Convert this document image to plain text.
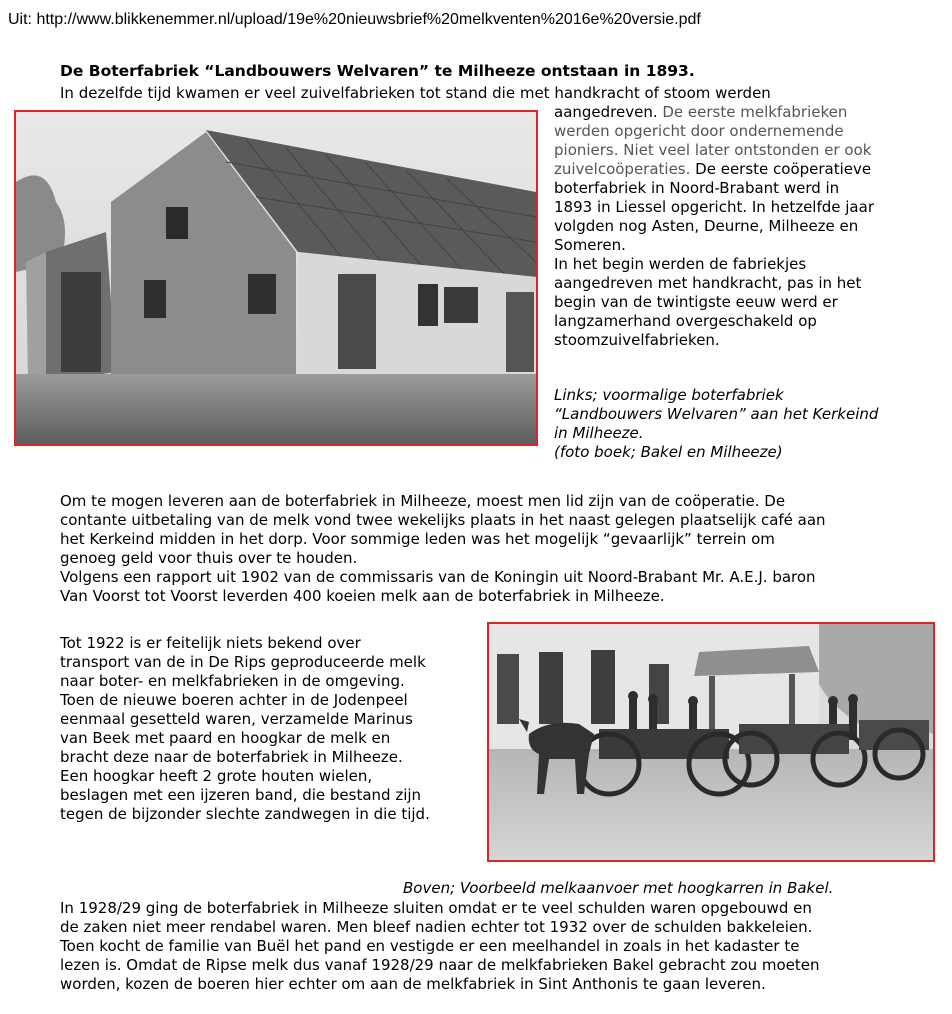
Uit: http://www.blikkenemmer.nl/upload/19e%20nieuwsbrief%20melkventen%2016e%20versie.pdf
De Boterfabriek “Landbouwers Welvaren” te Milheeze ontstaan in 1893.
In dezelfde tijd kwamen er veel zuivelfabrieken tot stand die met handkracht of stoom werden
aangedreven. De eerste melkfabrieken
werden opgericht door ondernemende
pioniers. Niet veel later ontstonden er ook
zuivelcoöperaties. De eerste coöperatieve
boterfabriek in Noord-Brabant werd in
1893 in Liessel opgericht. In hetzelfde jaar
volgden nog Asten, Deurne, Milheeze en
Someren.
In het begin werden de fabriekjes
aangedreven met handkracht, pas in het
begin van de twintigste eeuw werd er
langzamerhand overgeschakeld op
stoomzuivelfabrieken.
Links; voormalige boterfabriek
“Landbouwers Welvaren” aan het Kerkeind
in Milheeze.
(foto boek; Bakel en Milheeze)
Om te mogen leveren aan de boterfabriek in Milheeze, moest men lid zijn van de coöperatie. De
contante uitbetaling van de melk vond twee wekelijks plaats in het naast gelegen plaatselijk café aan
het Kerkeind midden in het dorp. Voor sommige leden was het mogelijk “gevaarlijk” terrein om
genoeg geld voor thuis over te houden.
Volgens een rapport uit 1902 van de commissaris van de Koningin uit Noord-Brabant Mr. A.E.J. baron
Van Voorst tot Voorst leverden 400 koeien melk aan de boterfabriek in Milheeze.
Tot 1922 is er feitelijk niets bekend over
transport van de in De Rips geproduceerde melk
naar boter- en melkfabrieken in de omgeving.
Toen de nieuwe boeren achter in de Jodenpeel
eenmaal gesetteld waren, verzamelde Marinus
van Beek met paard en hoogkar de melk en
bracht deze naar de boterfabriek in Milheeze.
Een hoogkar heeft 2 grote houten wielen,
beslagen met een ijzeren band, die bestand zijn
tegen de bijzonder slechte zandwegen in die tijd.
Boven; Voorbeeld melkaanvoer met hoogkarren in Bakel.
In 1928/29 ging de boterfabriek in Milheeze sluiten omdat er te veel schulden waren opgebouwd en
de zaken niet meer rendabel waren. Men bleef nadien echter tot 1932 over de schulden bakkeleien.
Toen kocht de familie van Buël het pand en vestigde er een meelhandel in zoals in het kadaster te
lezen is. Omdat de Ripse melk dus vanaf 1928/29 naar de melkfabrieken Bakel gebracht zou moeten
worden, kozen de boeren hier echter om aan de melkfabriek in Sint Anthonis te gaan leveren.
